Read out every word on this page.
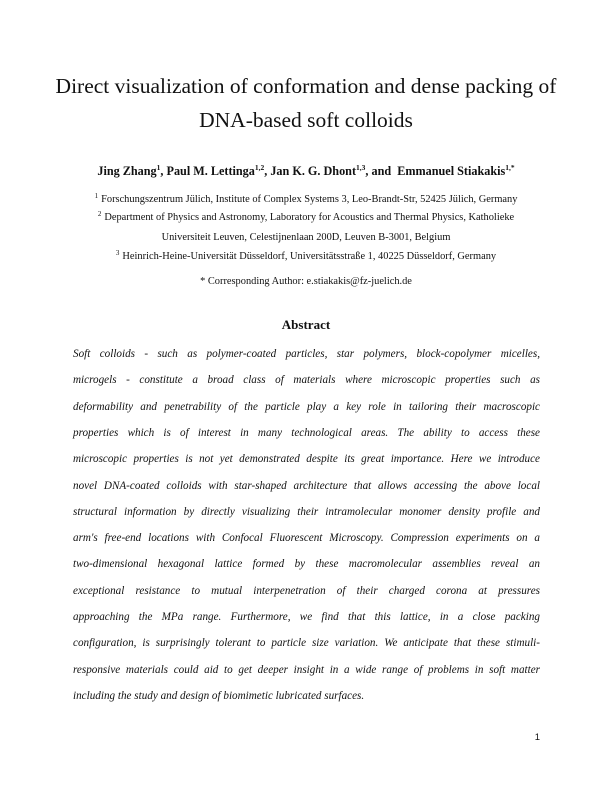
Direct visualization of conformation and dense packing of
DNA-based soft colloids
Jing Zhang$^1$, Paul M. Lettinga$^{1,2}$, Jan K. G. Dhont$^{1,3}$, and  Emmanuel Stiakakis$^{1,*}$
$^1$ Forschungszentrum Jülich, Institute of Complex Systems 3, Leo-Brandt-Str, 52425 Jülich, Germany
$^2$ Department of Physics and Astronomy, Laboratory for Acoustics and Thermal Physics, Katholieke
Universiteit Leuven, Celestijnenlaan 200D, Leuven B-3001, Belgium
$^3$ Heinrich-Heine-Universität Düsseldorf, Universitätsstraße 1, 40225 Düsseldorf, Germany
* Corresponding Author: e.stiakakis@fz-juelich.de
Abstract
Soft colloids - such as polymer-coated particles, star polymers, block-copolymer micelles,
microgels - constitute a broad class of materials where microscopic properties such as
deformability and penetrability of the particle play a key role in tailoring their macroscopic
properties which is of interest in many technological areas. The ability to access these
microscopic properties is not yet demonstrated despite its great importance. Here we introduce
novel DNA-coated colloids with star-shaped architecture that allows accessing the above local
structural information by directly visualizing their intramolecular monomer density profile and
arm's free-end locations with Confocal Fluorescent Microscopy. Compression experiments on a
two-dimensional hexagonal lattice formed by these macromolecular assemblies reveal an
exceptional resistance to mutual interpenetration of their charged corona at pressures
approaching the MPa range. Furthermore, we find that this lattice, in a close packing
configuration, is surprisingly tolerant to particle size variation. We anticipate that these stimuli-
responsive materials could aid to get deeper insight in a wide range of problems in soft matter
including the study and design of biomimetic lubricated surfaces.
1
